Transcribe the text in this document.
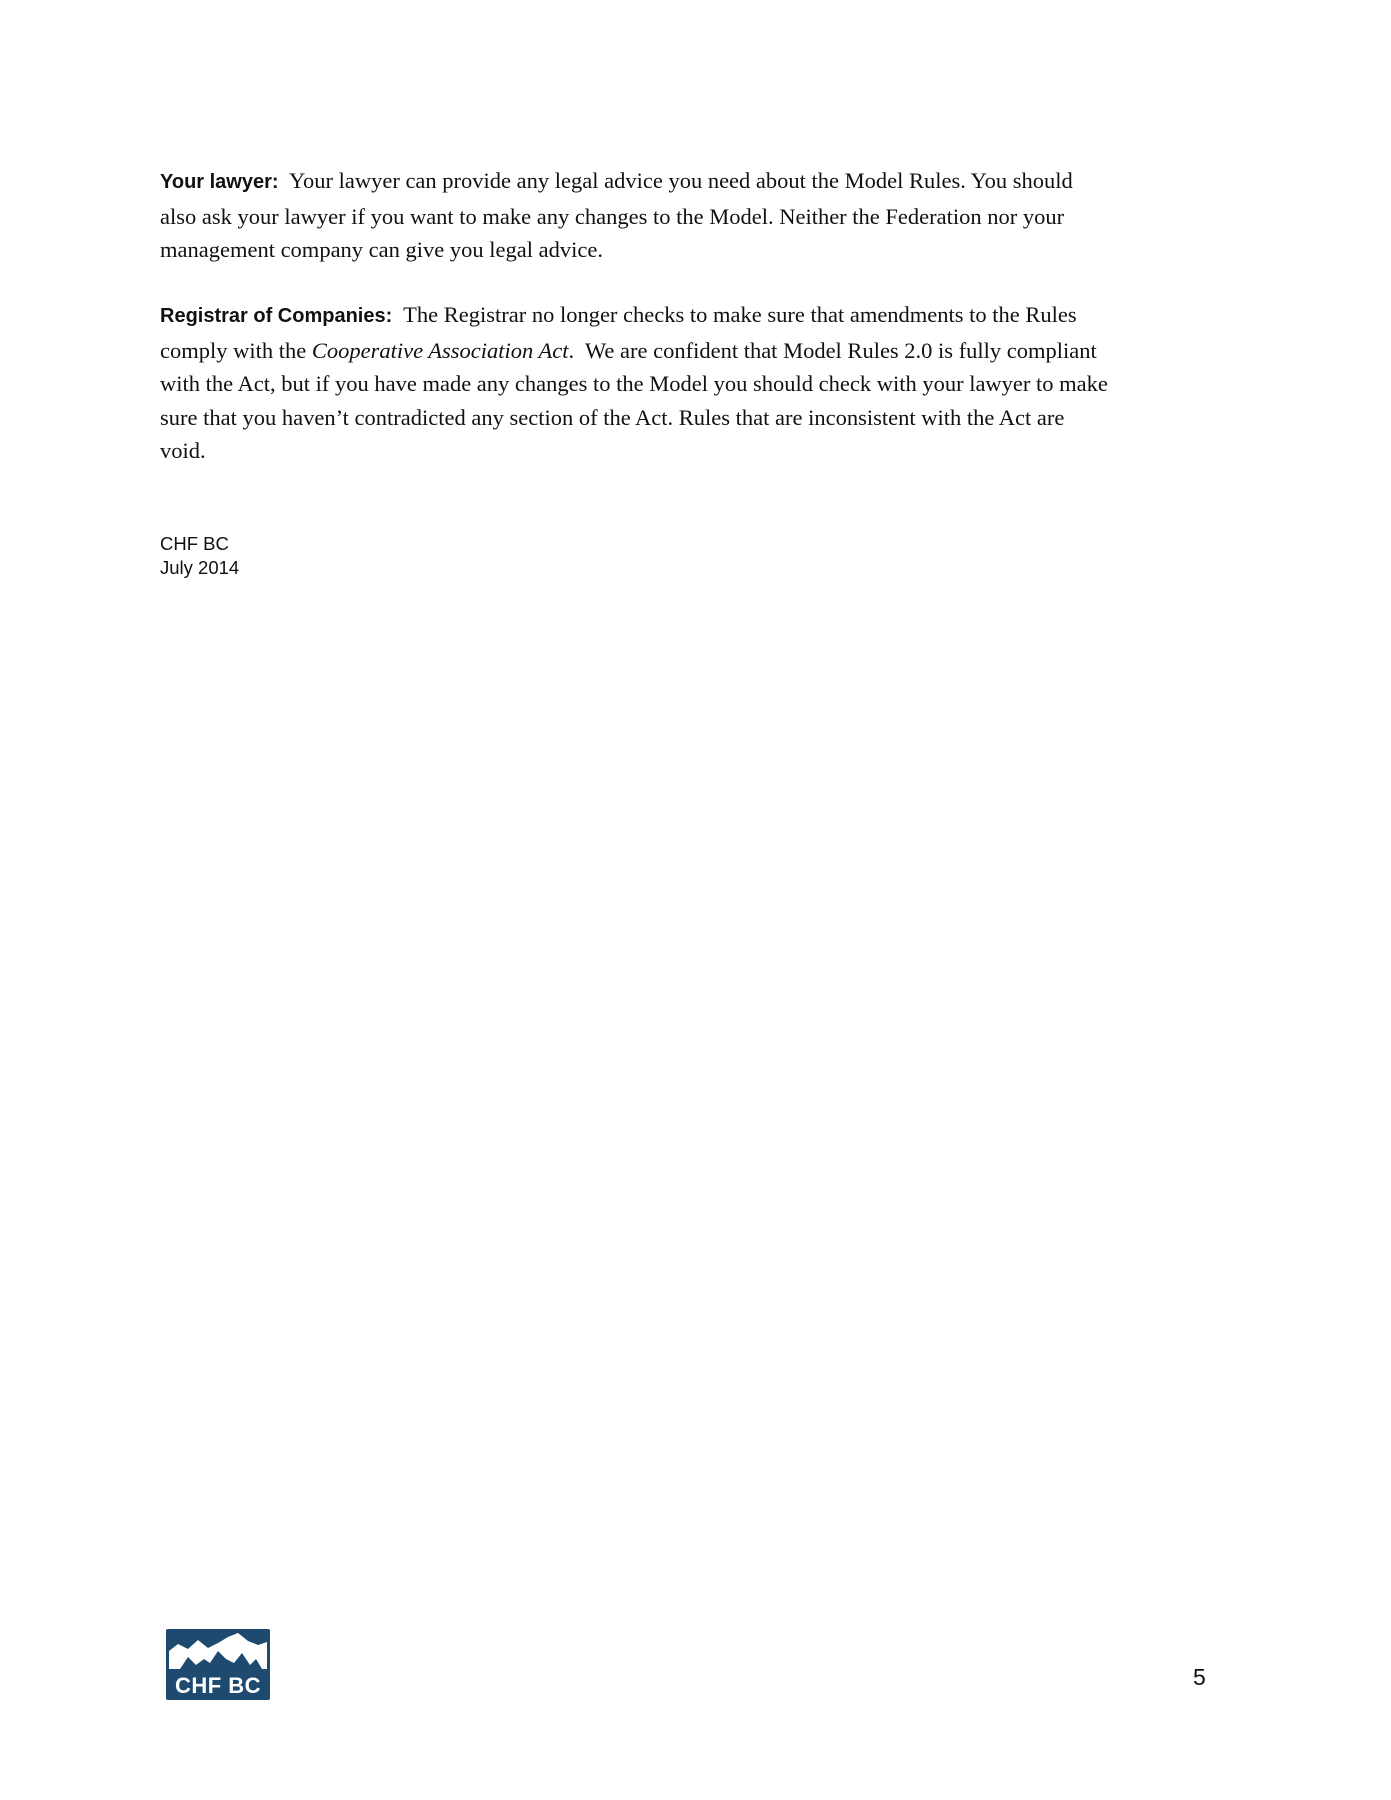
Your lawyer: Your lawyer can provide any legal advice you need about the Model Rules. You should
also ask your lawyer if you want to make any changes to the Model. Neither the Federation nor your
management company can give you legal advice.
Registrar of Companies: The Registrar no longer checks to make sure that amendments to the Rules
comply with the Cooperative Association Act.  We are confident that Model Rules 2.0 is fully compliant
with the Act, but if you have made any changes to the Model you should check with your lawyer to make
sure that you haven’t contradicted any section of the Act. Rules that are inconsistent with the Act are
void.
CHF BC
July 2014
CHF BC	5
